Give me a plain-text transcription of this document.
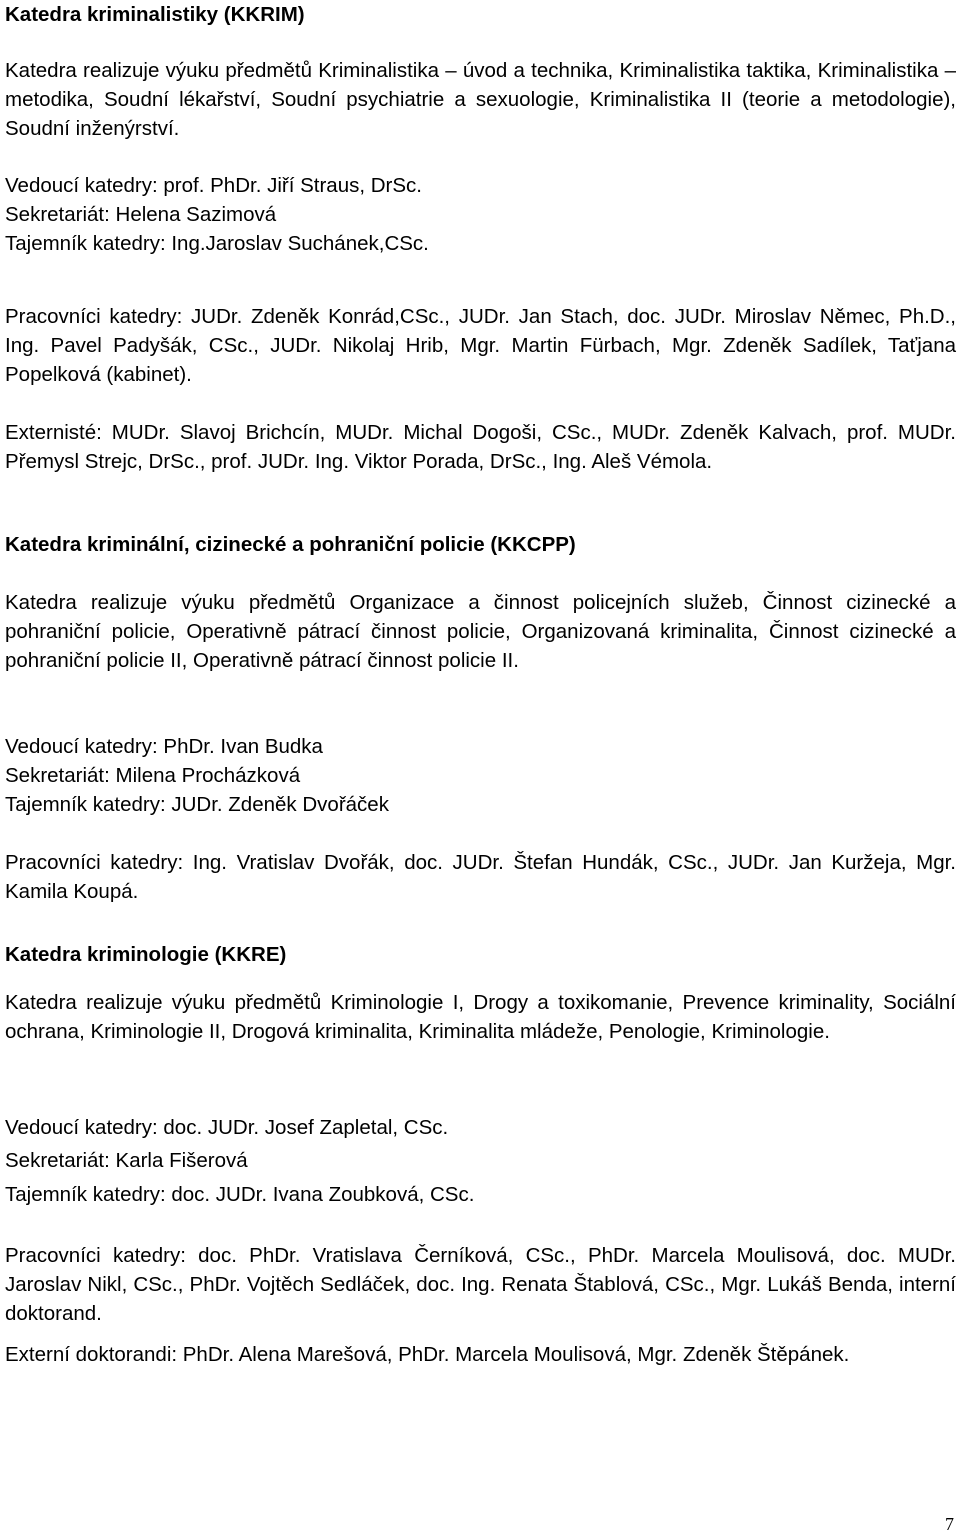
Katedra kriminalistiky (KKRIM)

Katedra realizuje výuku předmětů Kriminalistika – úvod a technika, Kriminalistika taktika, Kriminalistika – metodika, Soudní lékařství, Soudní psychiatrie a sexuologie, Kriminalistika II (teorie a metodologie), Soudní inženýrství.

Vedoucí katedry: prof. PhDr. Jiří Straus, DrSc.

Sekretariát: Helena Sazimová

Tajemník katedry: Ing.Jaroslav Suchánek,CSc.

Pracovníci katedry: JUDr. Zdeněk Konrád,CSc., JUDr. Jan Stach, doc. JUDr. Miroslav Němec, Ph.D., Ing. Pavel Padyšák, CSc., JUDr. Nikolaj Hrib, Mgr. Martin Fürbach, Mgr. Zdeněk Sadílek, Taťjana Popelková (kabinet).

Externisté: MUDr. Slavoj Brichcín, MUDr. Michal Dogoši, CSc., MUDr. Zdeněk Kalvach, prof. MUDr. Přemysl Strejc, DrSc., prof. JUDr. Ing. Viktor Porada, DrSc., Ing. Aleš Vémola.

Katedra kriminální, cizinecké a pohraniční policie (KKCPP)

Katedra realizuje výuku předmětů Organizace a činnost policejních služeb, Činnost cizinecké a pohraniční policie, Operativně pátrací činnost policie, Organizovaná kriminalita, Činnost cizinecké a pohraniční policie II, Operativně pátrací činnost policie II.

Vedoucí katedry: PhDr. Ivan Budka

Sekretariát: Milena Procházková

Tajemník katedry: JUDr. Zdeněk Dvořáček

Pracovníci katedry: Ing. Vratislav Dvořák, doc. JUDr. Štefan Hundák, CSc., JUDr. Jan Kuržeja, Mgr. Kamila Koupá.

Katedra kriminologie (KKRE)

Katedra realizuje výuku předmětů Kriminologie I, Drogy a toxikomanie, Prevence kriminality, Sociální ochrana, Kriminologie II, Drogová kriminalita, Kriminalita mládeže, Penologie, Kriminologie.

Vedoucí katedry: doc. JUDr. Josef Zapletal, CSc.

Sekretariát: Karla Fišerová

Tajemník katedry: doc. JUDr. Ivana Zoubková, CSc.

Pracovníci katedry: doc. PhDr. Vratislava Černíková, CSc., PhDr. Marcela Moulisová, doc. MUDr. Jaroslav Nikl, CSc., PhDr. Vojtěch Sedláček, doc. Ing. Renata Štablová, CSc., Mgr. Lukáš Benda, interní doktorand.

Externí doktorandi: PhDr. Alena Marešová, PhDr. Marcela Moulisová, Mgr. Zdeněk Štěpánek.

7
